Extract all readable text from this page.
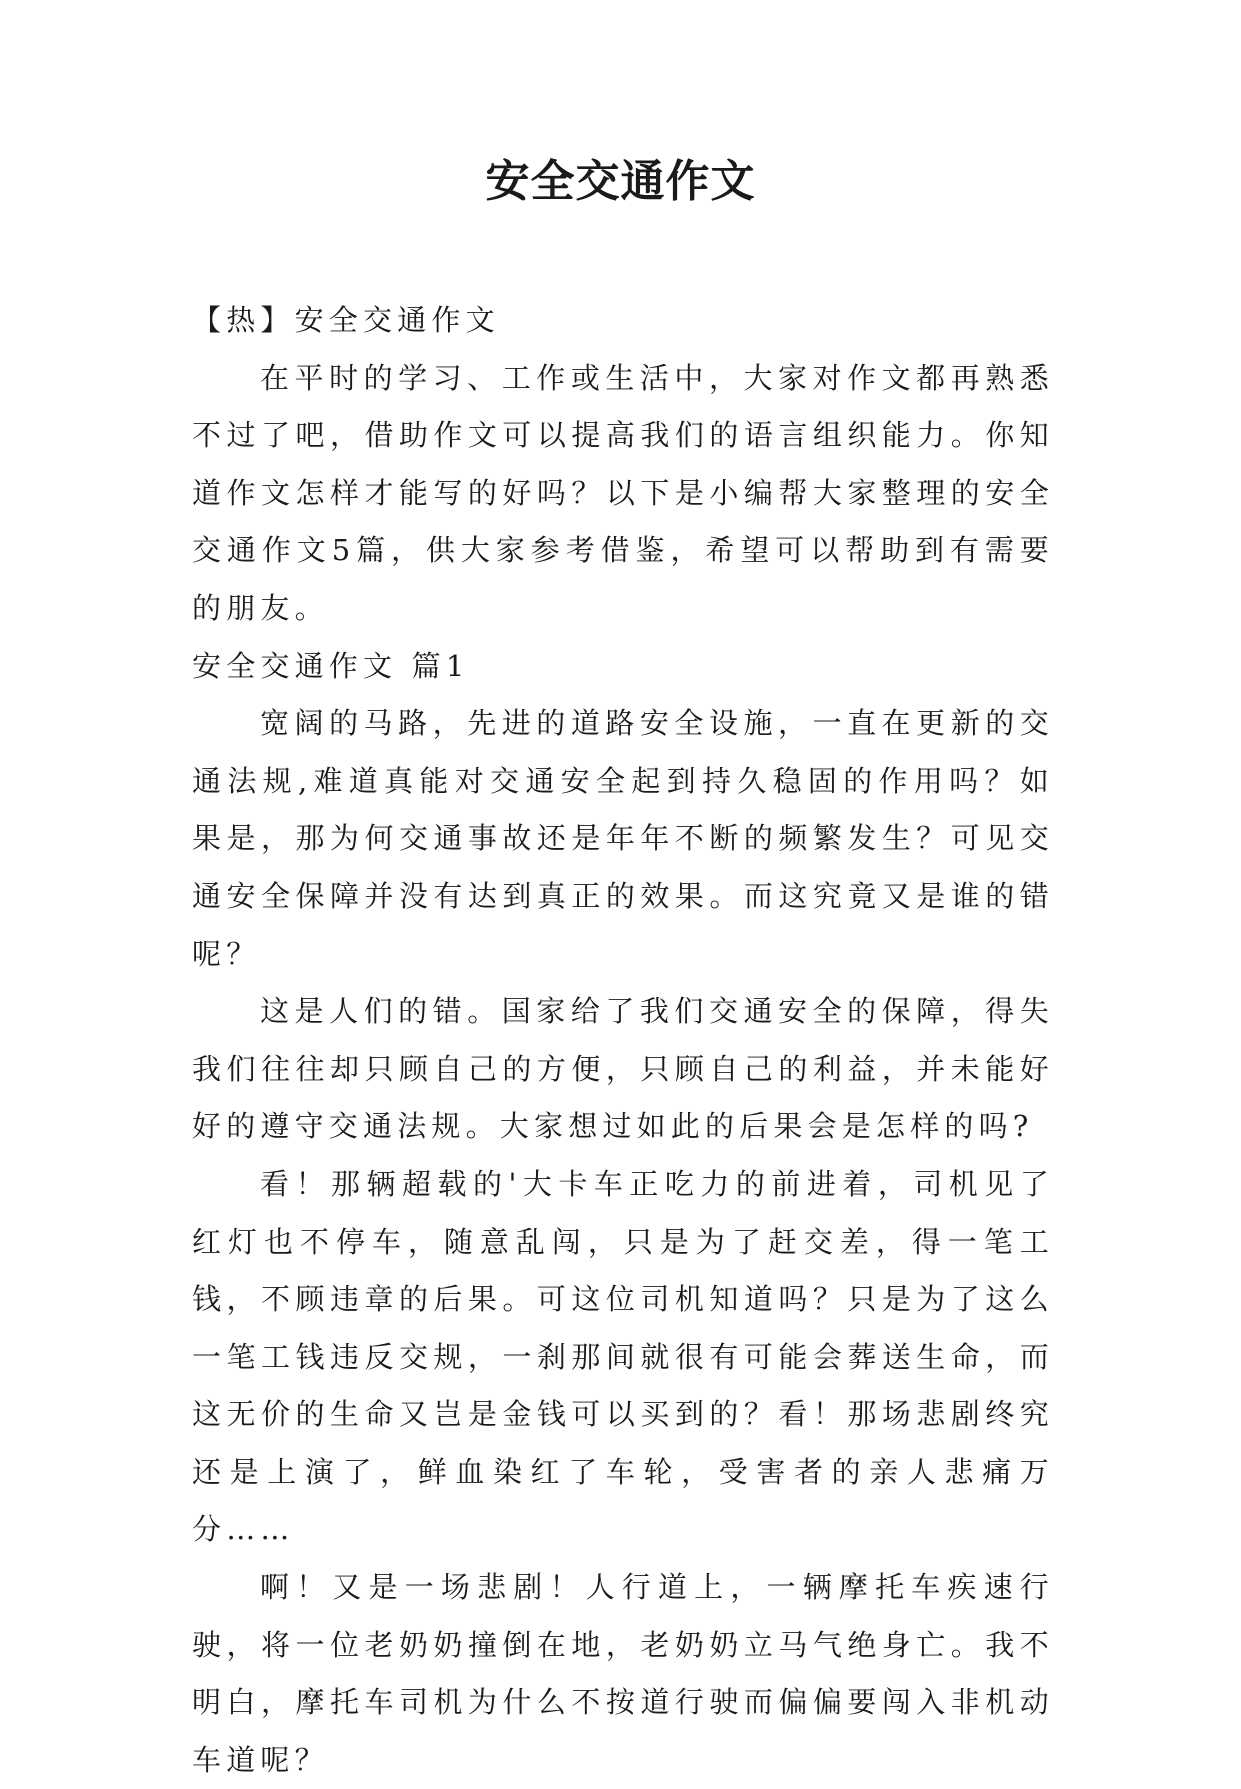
安全交通作文

【热】安全交通作文

在平时的学习、工作或生活中，大家对作文都再熟悉不过了吧，借助作文可以提高我们的语言组织能力。你知道作文怎样才能写的好吗？以下是小编帮大家整理的安全交通作文5篇，供大家参考借鉴，希望可以帮助到有需要的朋友。

安全交通作文 篇1

宽阔的马路，先进的道路安全设施，一直在更新的交通法规,难道真能对交通安全起到持久稳固的作用吗？如果是，那为何交通事故还是年年不断的频繁发生？可见交通安全保障并没有达到真正的效果。而这究竟又是谁的错呢？

这是人们的错。国家给了我们交通安全的保障，得失我们往往却只顾自己的方便，只顾自己的利益，并未能好好的遵守交通法规。大家想过如此的后果会是怎样的吗?

看！那辆超载的'大卡车正吃力的前进着，司机见了红灯也不停车，随意乱闯，只是为了赶交差，得一笔工钱，不顾违章的后果。可这位司机知道吗？只是为了这么一笔工钱违反交规，一刹那间就很有可能会葬送生命，而这无价的生命又岂是金钱可以买到的？看！那场悲剧终究还是上演了，鲜血染红了车轮，受害者的亲人悲痛万分……

啊！又是一场悲剧！人行道上，一辆摩托车疾速行驶，将一位老奶奶撞倒在地，老奶奶立马气绝身亡。我不明白，摩托车司机为什么不按道行驶而偏偏要闯入非机动车道呢？
